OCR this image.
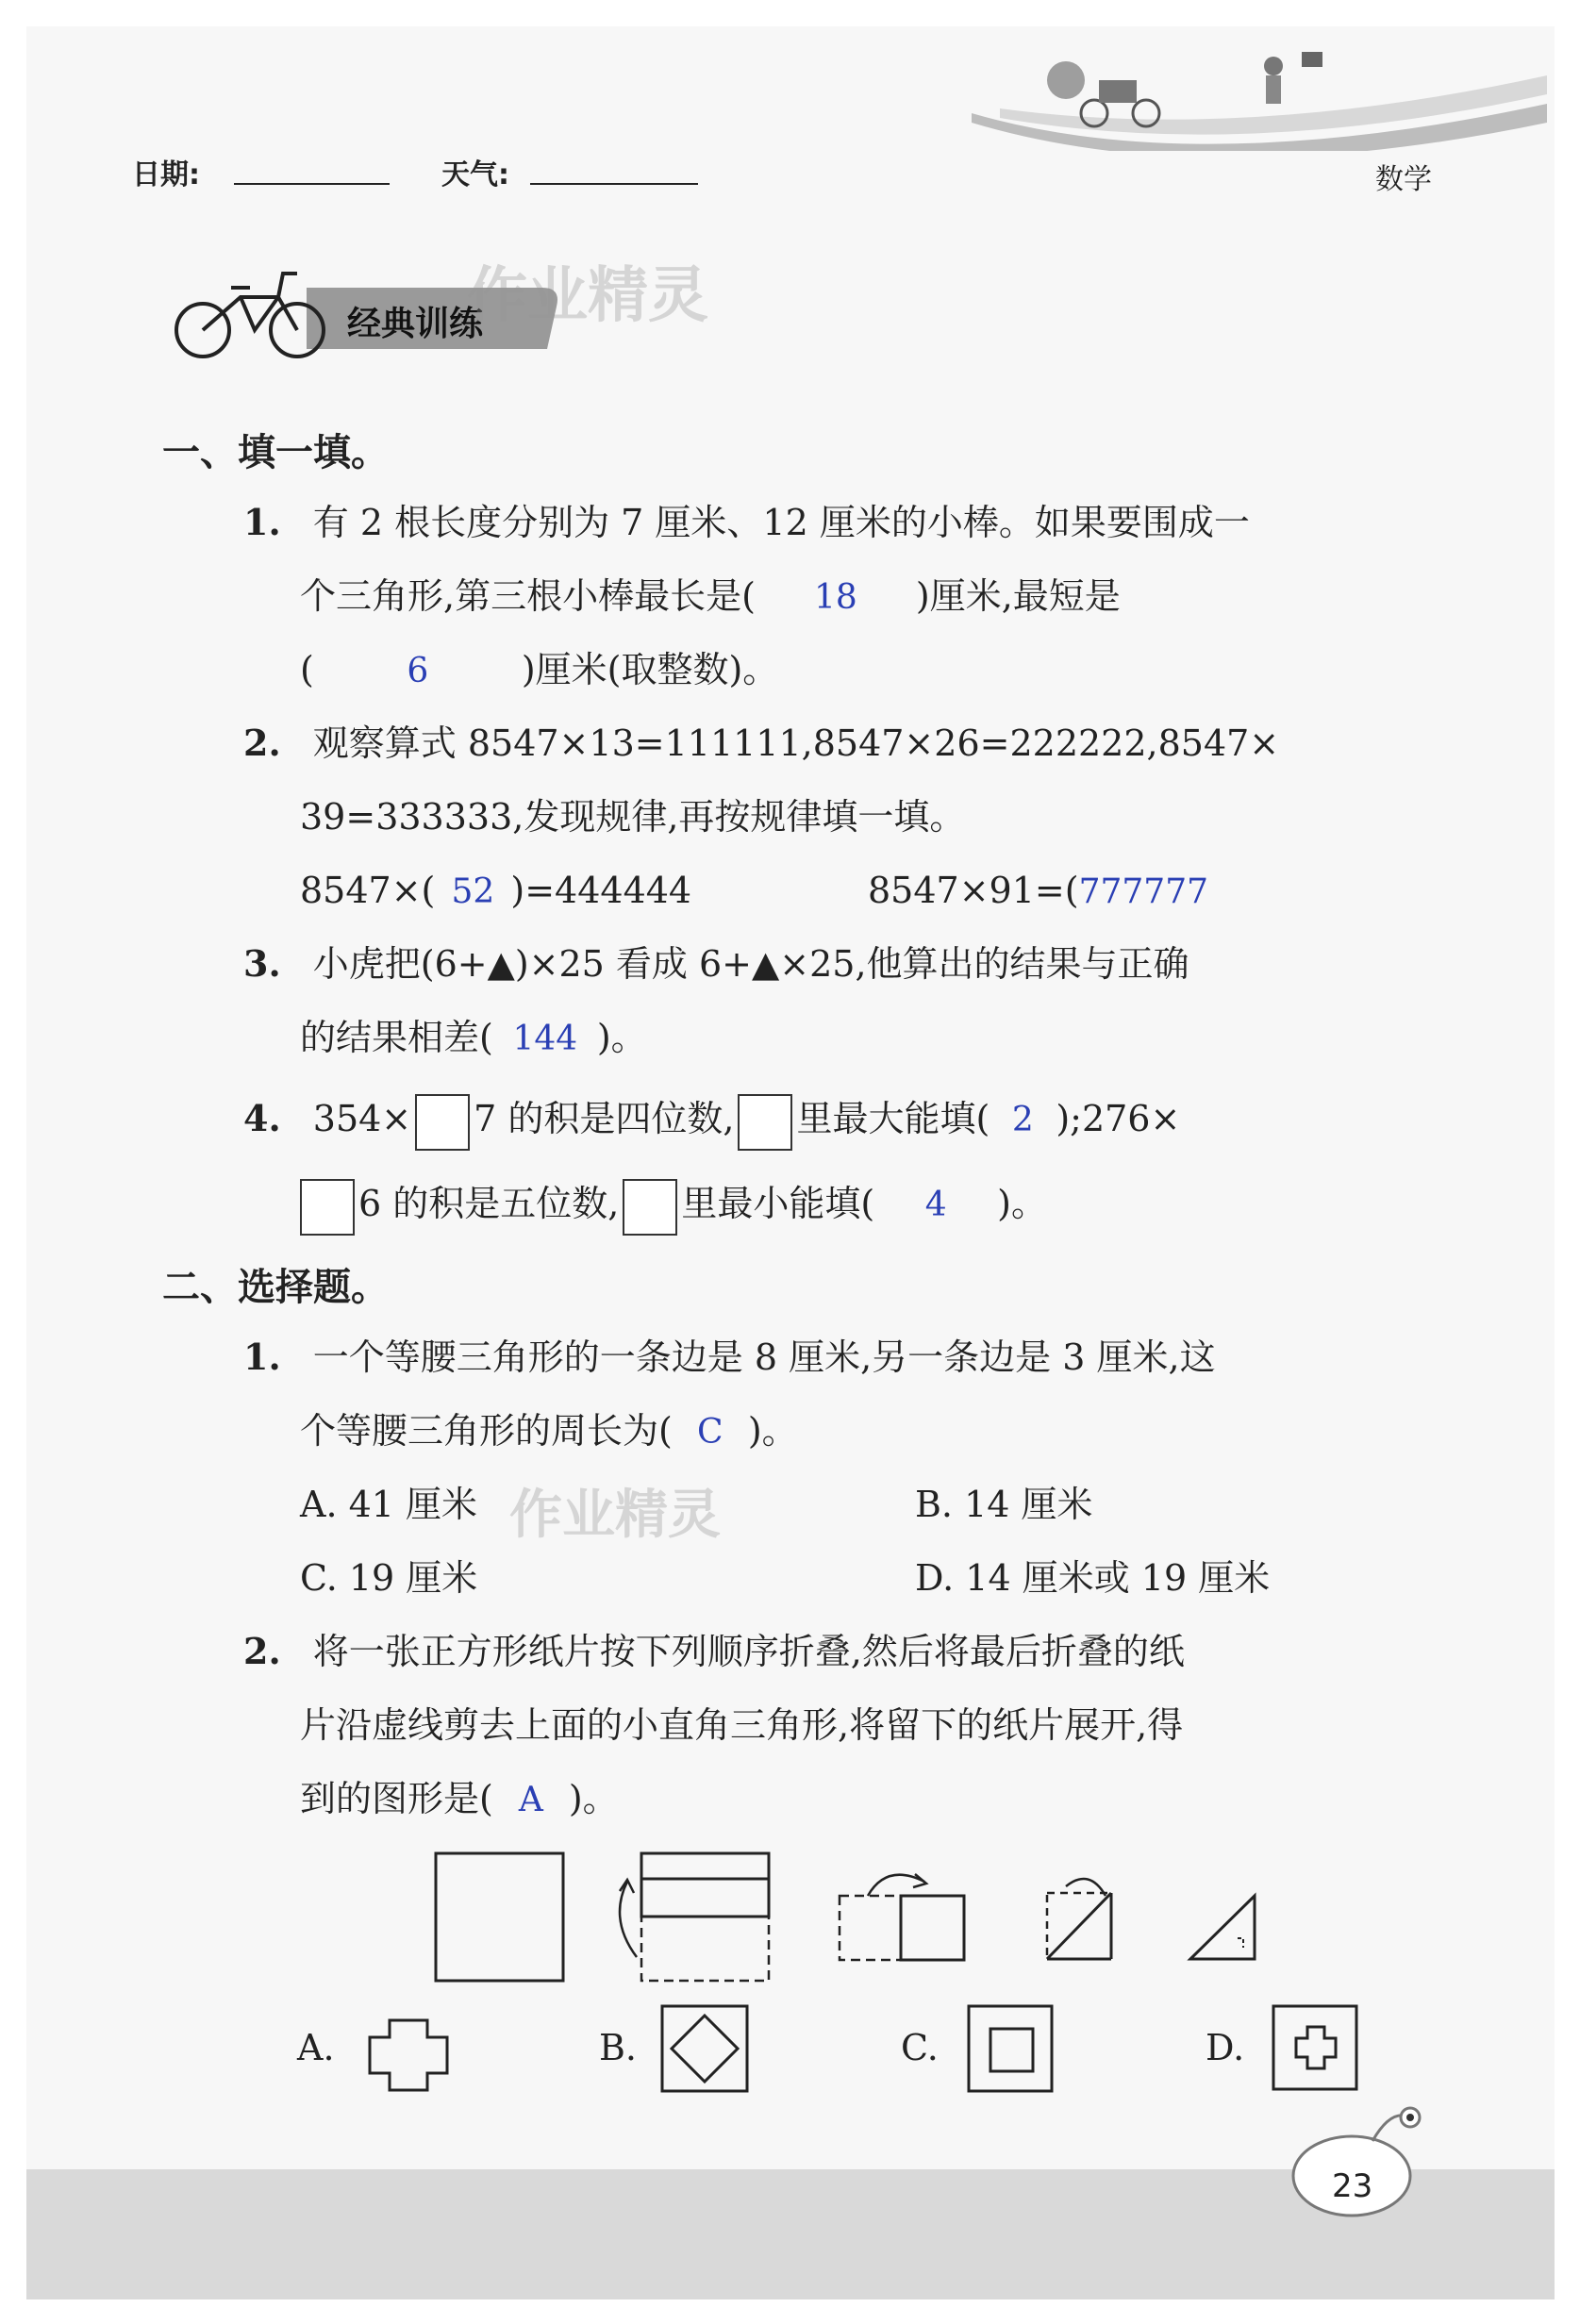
日期:	天气:	数学
经典训练
作业精灵
一、填一填。
1. 有 2 根长度分别为 7 厘米、12 厘米的小棒。如果要围成一
个三角形,第三根小棒最长是( 18 )厘米,最短是
(	6	)厘米(取整数)。
2. 观察算式 8547×13=111111,8547×26=222222,8547×
39=333333,发现规律,再按规律填一填。
8547×( 52 )=444444	8547×91=(777777
3. 小虎把(6+▲)×25 看成 6+▲×25,他算出的结果与正确
的结果相差( 144 )。
4. 354× 7 的积是四位数, 里最大能填( 2 );276×
6 的积是五位数, 里最小能填( 4 )。
二、选择题。
1. 一个等腰三角形的一条边是 8 厘米,另一条边是 3 厘米,这
个等腰三角形的周长为( C )。
A. 41 厘米	B. 14 厘米
C. 19 厘米	D. 14 厘米或 19 厘米
作业精灵
2. 将一张正方形纸片按下列顺序折叠,然后将最后折叠的纸
片沿虚线剪去上面的小直角三角形,将留下的纸片展开,得
到的图形是( A )。
A.	B.	C.	D.
23
